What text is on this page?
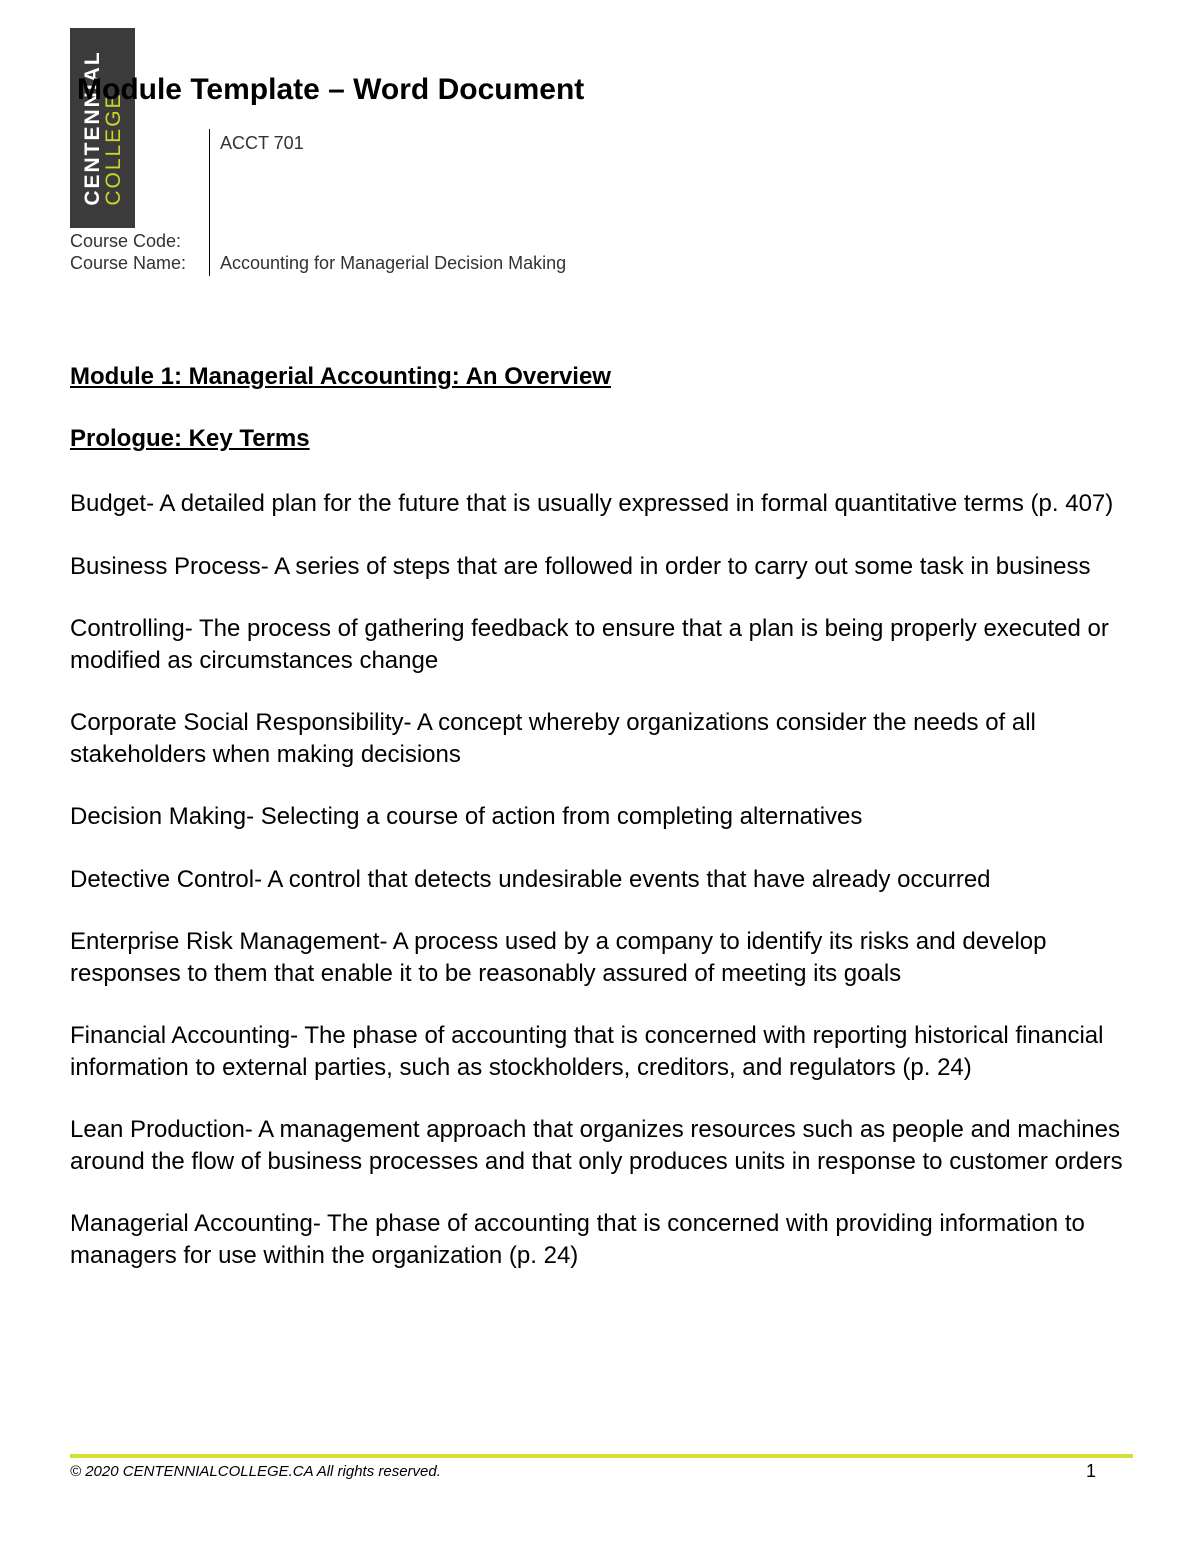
CENTENNIAL
COLLEGE
Module Template – Word Document
ACCT 701
Course Code:
Course Name: Accounting for Managerial Decision Making
Module 1: Managerial Accounting: An Overview
Prologue: Key Terms

Budget- A detailed plan for the future that is usually expressed in formal quantitative terms (p. 407)

Business Process- A series of steps that are followed in order to carry out some task in business

Controlling- The process of gathering feedback to ensure that a plan is being properly executed or modified as circumstances change

Corporate Social Responsibility- A concept whereby organizations consider the needs of all stakeholders when making decisions

Decision Making- Selecting a course of action from completing alternatives

Detective Control- A control that detects undesirable events that have already occurred

Enterprise Risk Management- A process used by a company to identify its risks and develop responses to them that enable it to be reasonably assured of meeting its goals

Financial Accounting- The phase of accounting that is concerned with reporting historical financial information to external parties, such as stockholders, creditors, and regulators (p. 24)

Lean Production- A management approach that organizes resources such as people and machines around the flow of business processes and that only produces units in response to customer orders

Managerial Accounting- The phase of accounting that is concerned with providing information to managers for use within the organization (p. 24)

© 2020 CENTENNIALCOLLEGE.CA All rights reserved.	1
